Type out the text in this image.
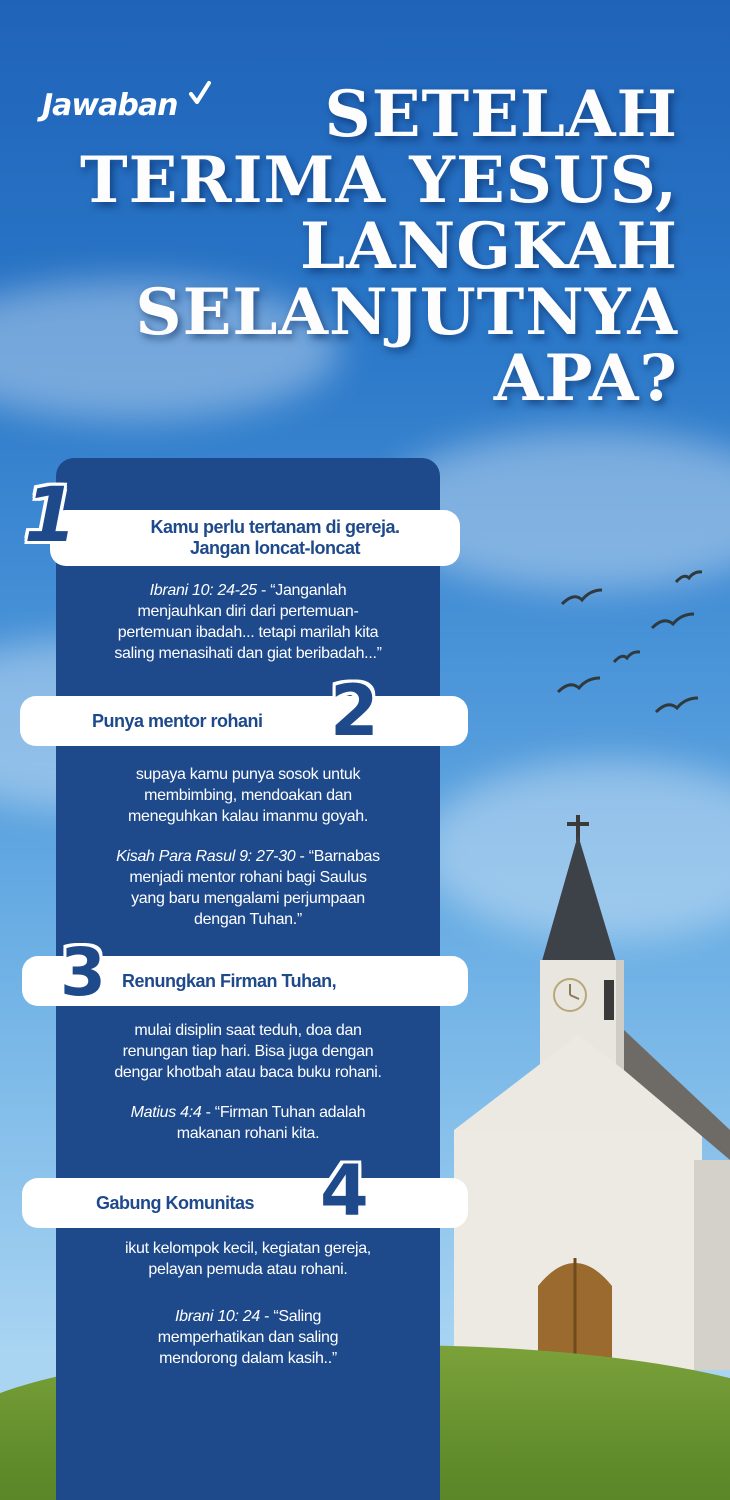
Jawaban	SETELAH
TERIMA YESUS,
LANGKAH
SELANJUTNYA
APA?
Kamu perlu tertanam di gereja.
Jangan loncat-loncat
1
Ibrani 10: 24-25 - “Janganlah
menjauhkan diri dari pertemuan-
pertemuan ibadah... tetapi marilah kita
saling menasihati dan giat beribadah...”
Punya mentor rohani 2
supaya kamu punya sosok untuk
membimbing, mendoakan dan
meneguhkan kalau imanmu goyah.
Kisah Para Rasul 9: 27-30 - “Barnabas
menjadi mentor rohani bagi Saulus
yang baru mengalami perjumpaan
dengan Tuhan.”
Renungkan Firman Tuhan,
3
mulai disiplin saat teduh, doa dan
renungan tiap hari. Bisa juga dengan
dengar khotbah atau baca buku rohani.
Matius 4:4 - “Firman Tuhan adalah
makanan rohani kita.
Gabung Komunitas 4
ikut kelompok kecil, kegiatan gereja,
pelayan pemuda atau rohani.
Ibrani 10: 24 - “Saling
memperhatikan dan saling
mendorong dalam kasih..”
